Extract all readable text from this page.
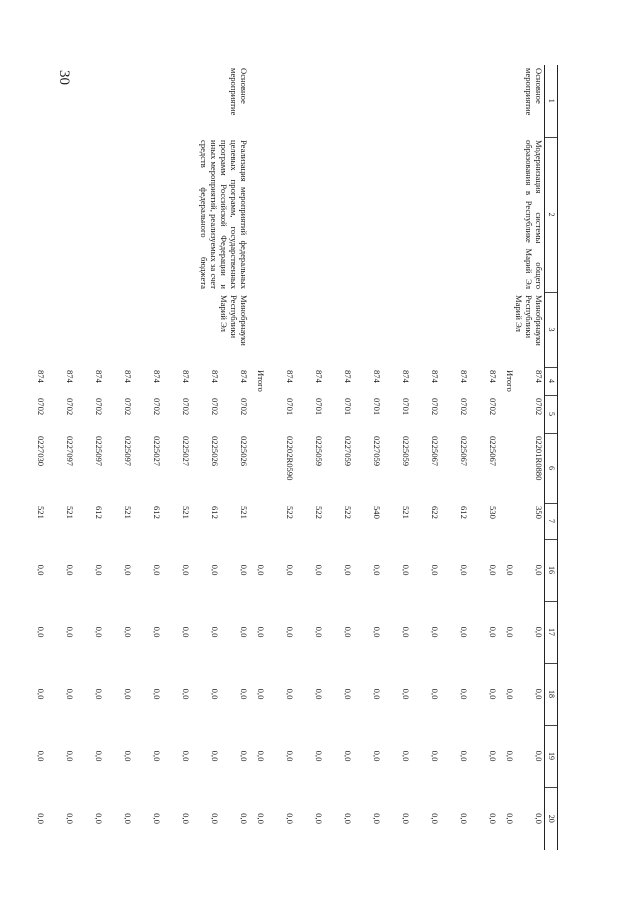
30
1	2	3	4	5	6	7	16	17	18	19	20
Основное мероприятие	Модернизация системы общего образования в Республике Марий Эл	Минобрнауки Республики Марий Эл	874	0702	02201R0880	350	0,0	0,0	0,0	0,0	0,0
			Итого				0,0	0,0	0,0	0,0	0,0
			874	0702	0225067	530	0,0	0,0	0,0	0,0	0,0
			874	0702	0225067	612	0,0	0,0	0,0	0,0	0,0
			874	0702	0225067	622	0,0	0,0	0,0	0,0	0,0
			874	0701	0225059	521	0,0	0,0	0,0	0,0	0,0
			874	0701	0227059	540	0,0	0,0	0,0	0,0	0,0
			874	0701	0227059	522	0,0	0,0	0,0	0,0	0,0
			874	0701	0225059	522	0,0	0,0	0,0	0,0	0,0
			874	0701	02202R0590	522	0,0	0,0	0,0	0,0	0,0
			Итого				0,0	0,0	0,0	0,0	0,0
Основное мероприятие	Реализация мероприятий федеральных целевых программ, государственных программ Российской Федерации и иных мероприятий, реализуемых за счет средств федерального бюджета	Минобрнауки Республики Марий Эл	874	0702	0225026	521	0,0	0,0	0,0	0,0	0,0
			874	0702	0225026	612	0,0	0,0	0,0	0,0	0,0
			874	0702	0225027	521	0,0	0,0	0,0	0,0	0,0
			874	0702	0225027	612	0,0	0,0	0,0	0,0	0,0
			874	0702	0225097	521	0,0	0,0	0,0	0,0	0,0
			874	0702	0225097	612	0,0	0,0	0,0	0,0	0,0
			874	0702	0227097	521	0,0	0,0	0,0	0,0	0,0
			874	0702	0227030	521	0,0	0,0	0,0	0,0	0,0
